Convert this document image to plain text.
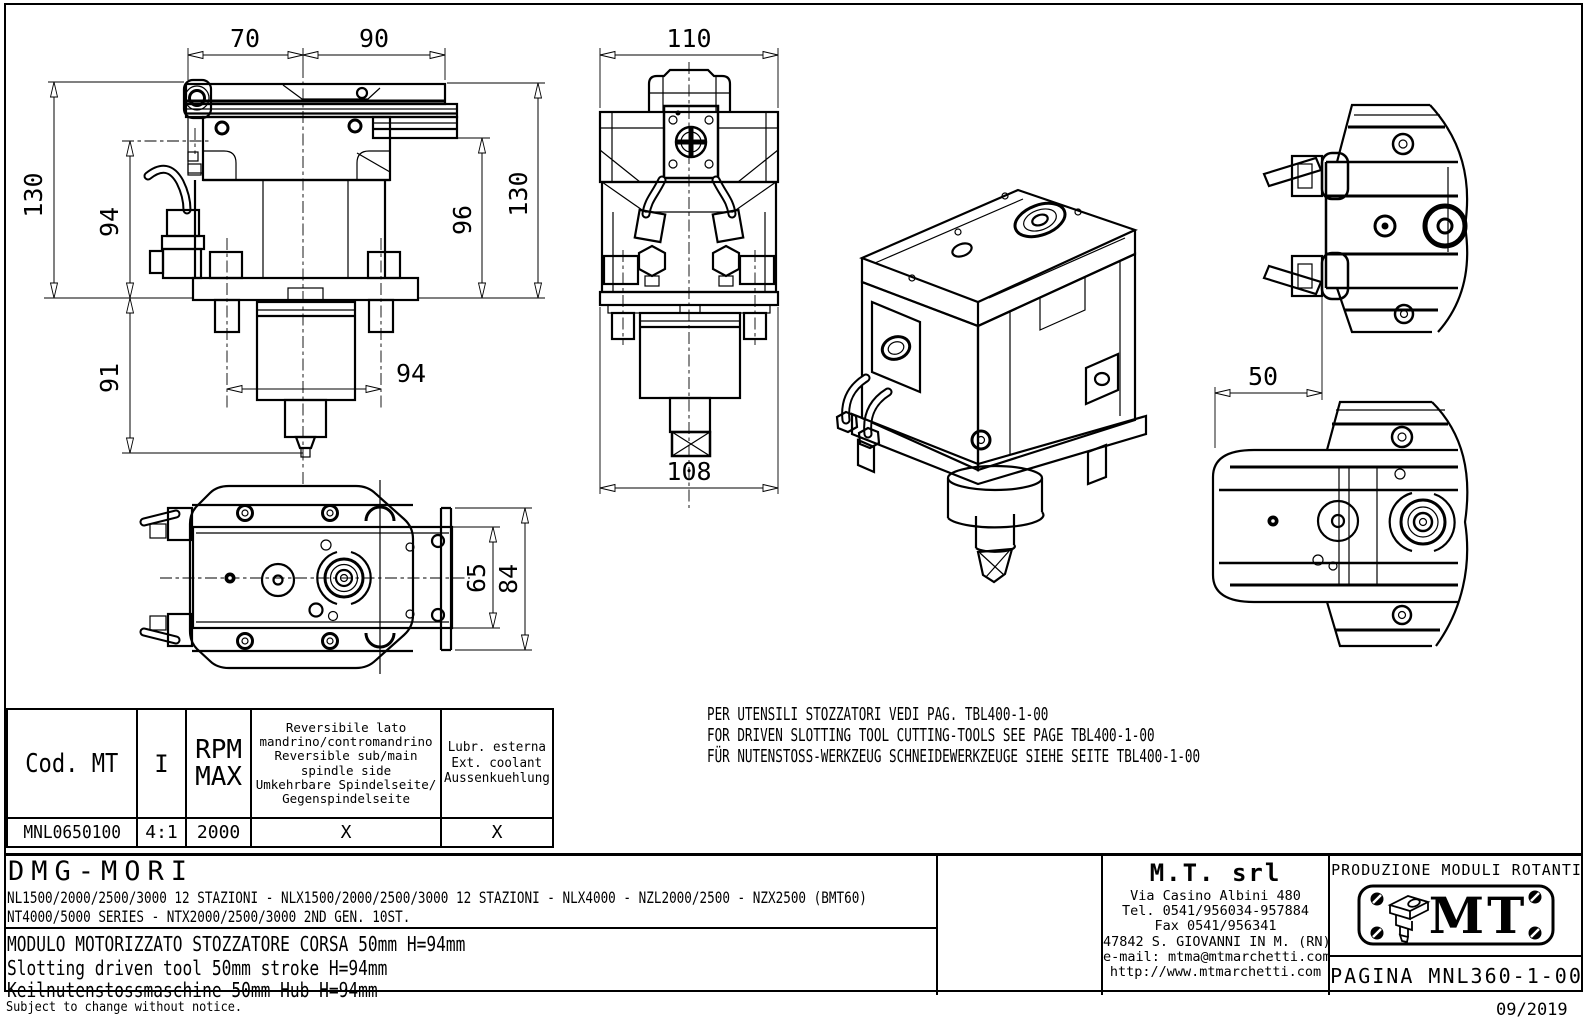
70	90
130
94
91
96
130
94
65 84
110
108
50
PER UTENSILI STOZZATORI VEDI PAG. TBL400-1-00
FOR DRIVEN SLOTTING TOOL CUTTING-TOOLS SEE PAGE TBL400-1-00
FÜR NUTENSTOSS-WERKZEUG SCHNEIDEWERKZEUGE SIEHE SEITE TBL400-1-00
Cod. MT
MNL0650100
I
4:1
RPM
MAX
2000
Reversibile lato
mandrino/contromandrino
Reversible sub/main
spindle side
Umkehrbare Spindelseite/
Gegenspindelseite
X
Lubr. esterna
Ext. coolant
Aussenkuehlung
X
DMG-MORI
NL1500/2000/2500/3000 12 STAZIONI - NLX1500/2000/2500/3000 12 STAZIONI - NLX4000 - NZL2000/2500 - NZX2500 (BMT60)
NT4000/5000 SERIES - NTX2000/2500/3000 2ND GEN. 10ST.
MODULO MOTORIZZATO STOZZATORE CORSA 50mm H=94mm
Slotting driven tool 50mm stroke H=94mm
Keilnutenstossmaschine 50mm Hub H=94mm
M.T. srl
Via Casino Albini 480
Tel. 0541/956034-957884
Fax 0541/956341
47842 S. GIOVANNI IN M. (RN)
e-mail: mtma@mtmarchetti.com
http://www.mtmarchetti.com
PRODUZIONE MODULI ROTANTI
MT
PAGINA MNL360-1-00
Subject to change without notice.	09/2019
